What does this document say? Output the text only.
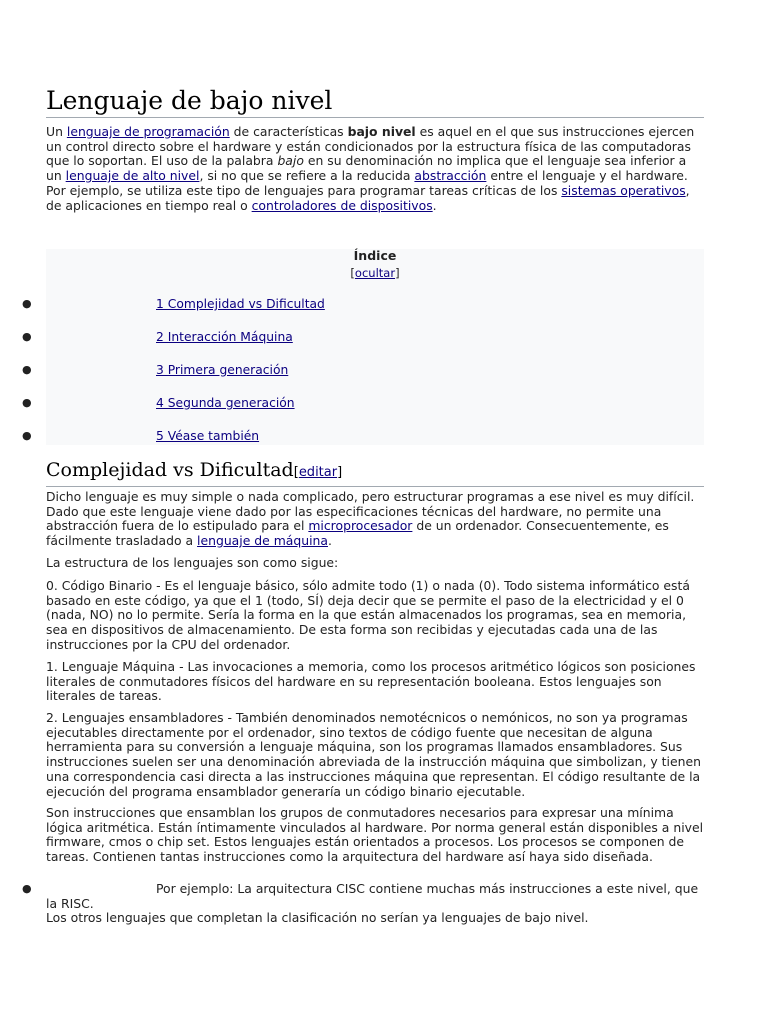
Lenguaje de bajo nivel

Un lenguaje de programación de características bajo nivel es aquel en el que sus instrucciones ejercen un control directo sobre el hardware y están condicionados por la estructura física de las computadoras que lo soportan. El uso de la palabra bajo en su denominación no implica que el lenguaje sea inferior a un lenguaje de alto nivel, si no que se refiere a la reducida abstracción entre el lenguaje y el hardware. Por ejemplo, se utiliza este tipo de lenguajes para programar tareas críticas de los sistemas operativos, de aplicaciones en tiempo real o controladores de dispositivos.

Índice
[ocultar]
●	1 Complejidad vs Dificultad
●	2 Interacción Máquina
●	3 Primera generación
●	4 Segunda generación
●	5 Véase también
Complejidad vs Dificultad[editar]

Dicho lenguaje es muy simple o nada complicado, pero estructurar programas a ese nivel es muy difícil. Dado que este lenguaje viene dado por las especificaciones técnicas del hardware, no permite una abstracción fuera de lo estipulado para el microprocesador de un ordenador. Consecuentemente, es fácilmente trasladado a lenguaje de máquina.

La estructura de los lenguajes son como sigue:

0. Código Binario - Es el lenguaje básico, sólo admite todo (1) o nada (0). Todo sistema informático está basado en este código, ya que el 1 (todo, SÍ) deja decir que se permite el paso de la electricidad y el 0 (nada, NO) no lo permite. Sería la forma en la que están almacenados los programas, sea en memoria, sea en dispositivos de almacenamiento. De esta forma son recibidas y ejecutadas cada una de las instrucciones por la CPU del ordenador.

1. Lenguaje Máquina - Las invocaciones a memoria, como los procesos aritmético lógicos son posiciones literales de conmutadores físicos del hardware en su representación booleana. Estos lenguajes son literales de tareas.

2. Lenguajes ensambladores - También denominados nemotécnicos o nemónicos, no son ya programas ejecutables directamente por el ordenador, sino textos de código fuente que necesitan de alguna herramienta para su conversión a lenguaje máquina, son los programas llamados ensambladores. Sus instrucciones suelen ser una denominación abreviada de la instrucción máquina que simbolizan, y tienen una correspondencia casi directa a las instrucciones máquina que representan. El código resultante de la ejecución del programa ensamblador generaría un código binario ejecutable.

Son instrucciones que ensamblan los grupos de conmutadores necesarios para expresar una mínima lógica aritmética. Están íntimamente vinculados al hardware. Por norma general están disponibles a nivel firmware, cmos o chip set. Estos lenguajes están orientados a procesos. Los procesos se componen de tareas. Contienen tantas instrucciones como la arquitectura del hardware así haya sido diseñada.

●	Por ejemplo: La arquitectura CISC contiene muchas más instrucciones a este nivel, que la RISC.

Los otros lenguajes que completan la clasificación no serían ya lenguajes de bajo nivel.
